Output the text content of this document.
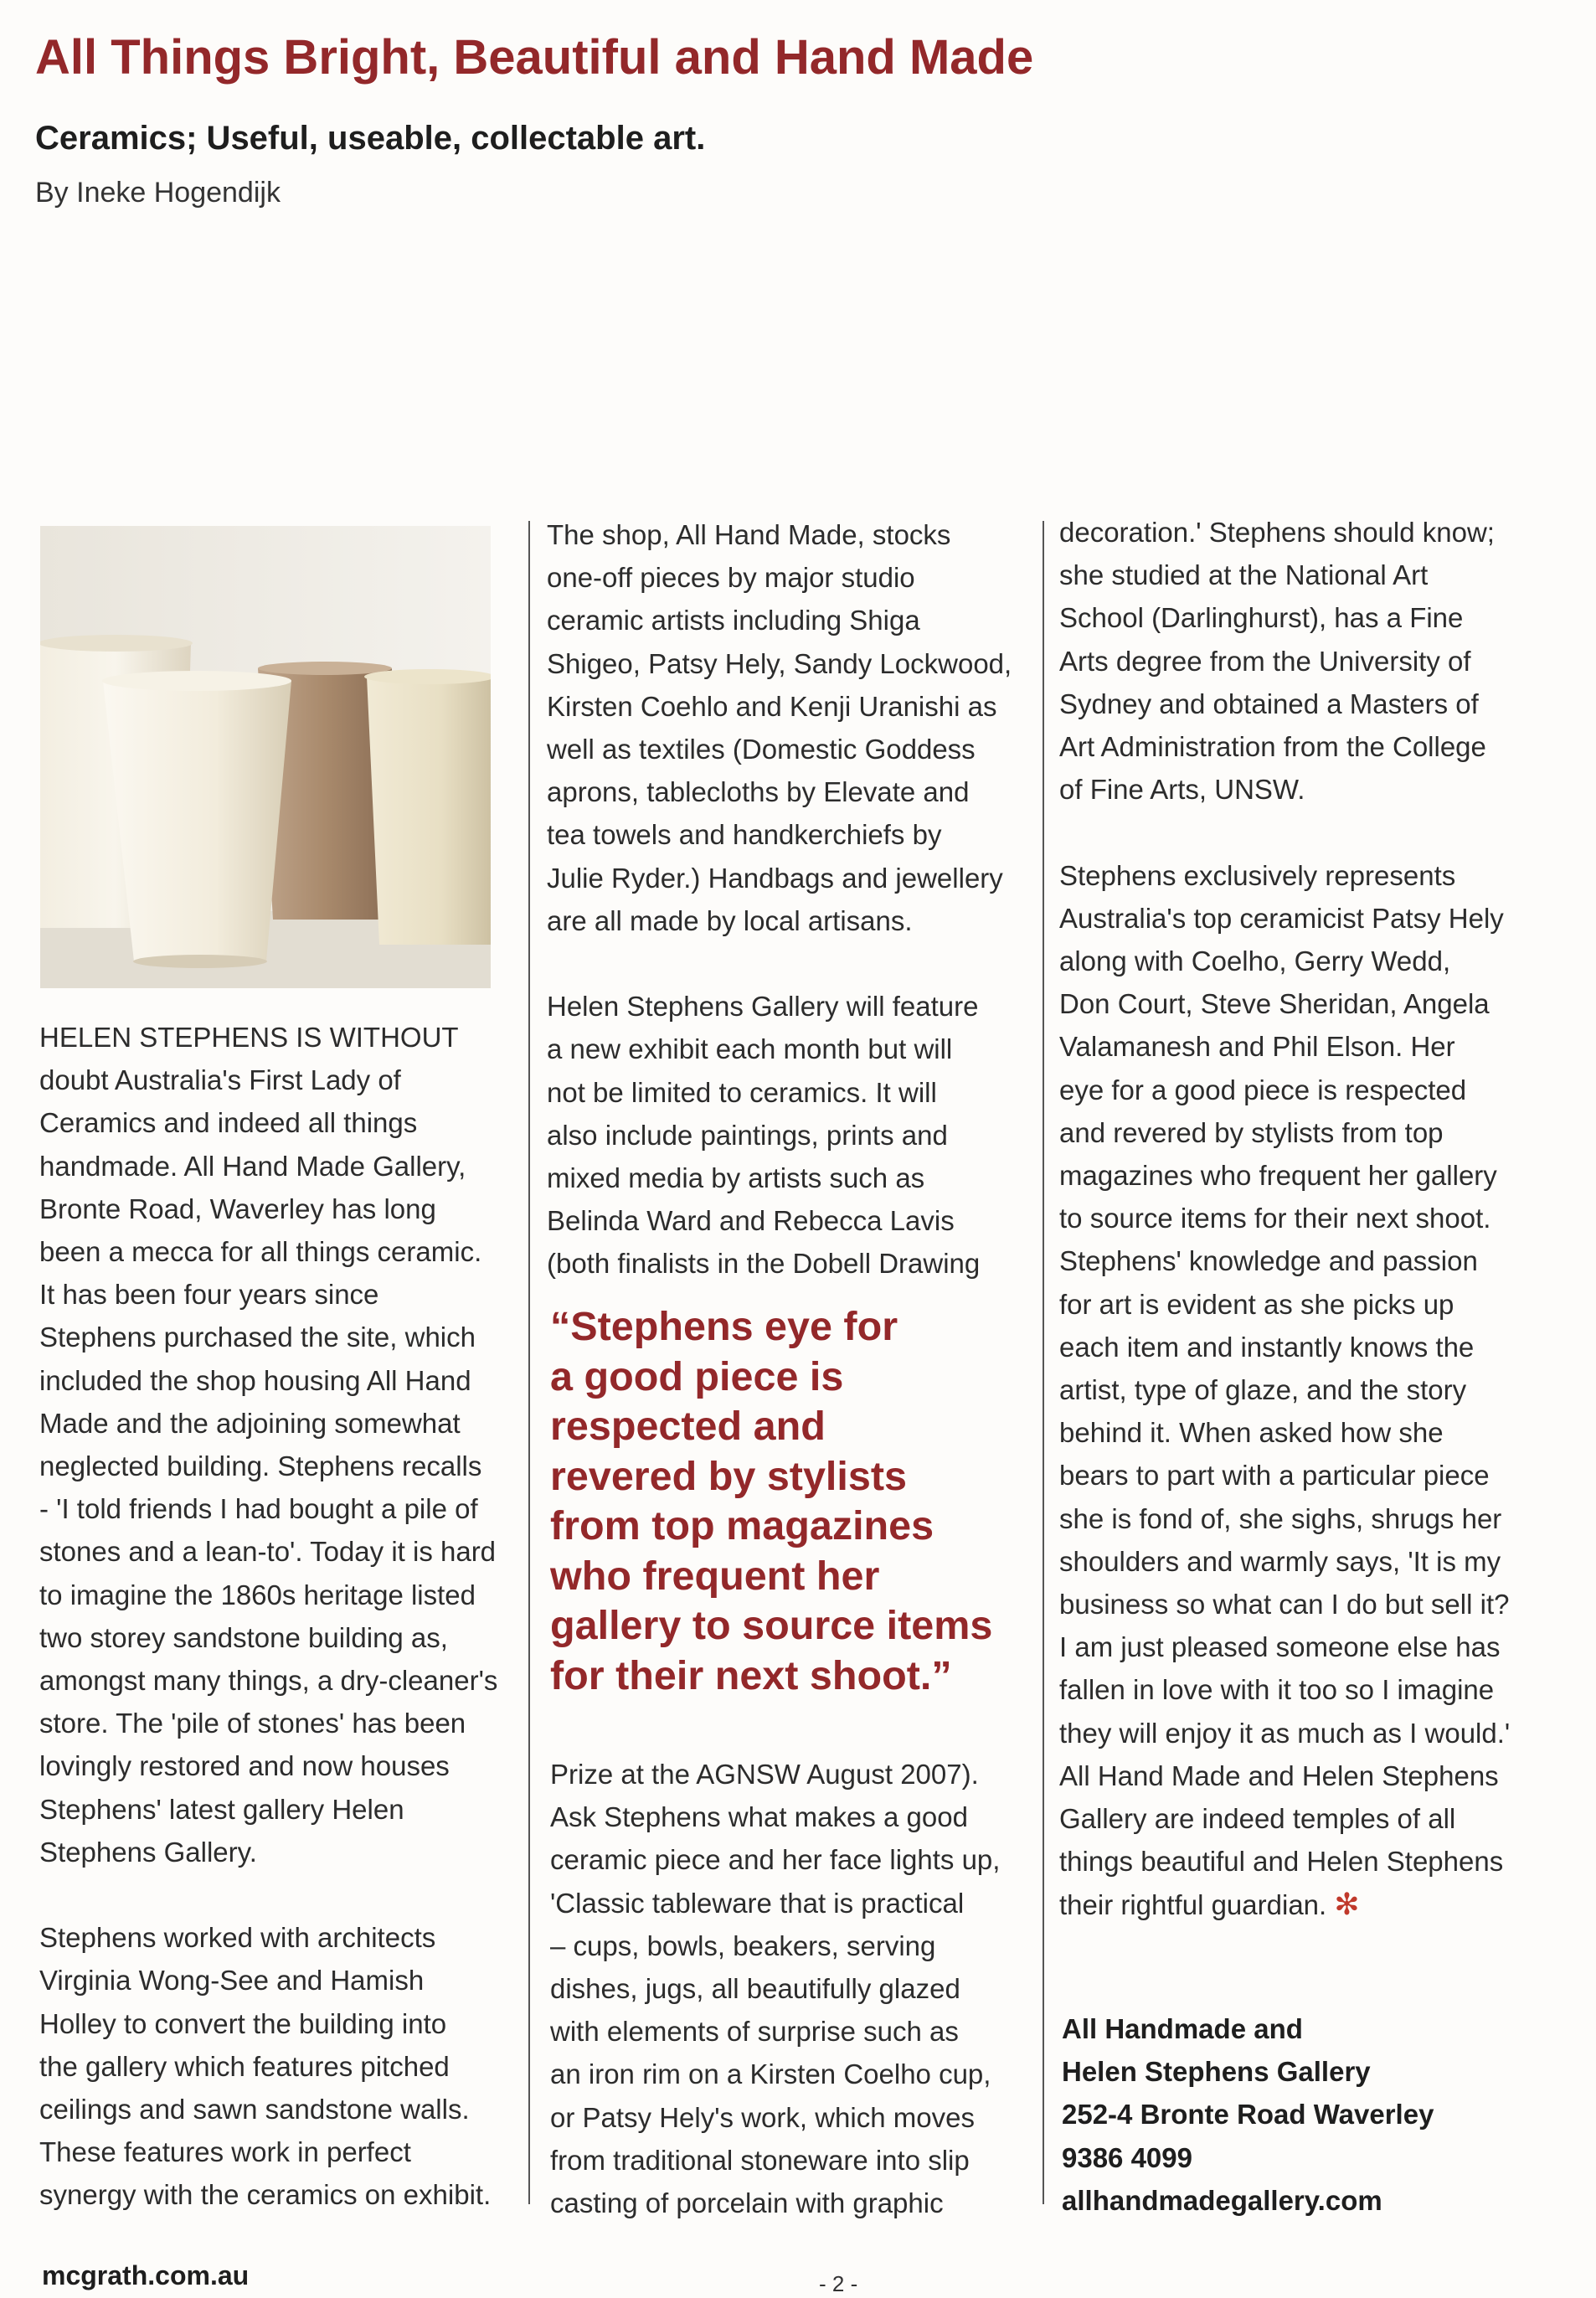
All Things Bright, Beautiful and Hand Made
Ceramics; Useful, useable, collectable art.

By Ineke Hogendijk

HELEN STEPHENS IS WITHOUT
doubt Australia's First Lady of
Ceramics and indeed all things
handmade. All Hand Made Gallery,
Bronte Road, Waverley has long
been a mecca for all things ceramic.
It has been four years since
Stephens purchased the site, which
included the shop housing All Hand
Made and the adjoining somewhat
neglected building. Stephens recalls
- 'I told friends I had bought a pile of
stones and a lean-to'. Today it is hard
to imagine the 1860s heritage listed
two storey sandstone building as,
amongst many things, a dry-cleaner's
store. The 'pile of stones' has been
lovingly restored and now houses
Stephens' latest gallery Helen
Stephens Gallery.

Stephens worked with architects
Virginia Wong-See and Hamish
Holley to convert the building into
the gallery which features pitched
ceilings and sawn sandstone walls.
These features work in perfect
synergy with the ceramics on exhibit.

The shop, All Hand Made, stocks
one-off pieces by major studio
ceramic artists including Shiga
Shigeo, Patsy Hely, Sandy Lockwood,
Kirsten Coehlo and Kenji Uranishi as
well as textiles (Domestic Goddess
aprons, tablecloths by Elevate and
tea towels and handkerchiefs by
Julie Ryder.) Handbags and jewellery
are all made by local artisans.

Helen Stephens Gallery will feature
a new exhibit each month but will
not be limited to ceramics. It will
also include paintings, prints and
mixed media by artists such as
Belinda Ward and Rebecca Lavis
(both finalists in the Dobell Drawing

“Stephens eye for
a good piece is
respected and
revered by stylists
from top magazines
who frequent her
gallery to source items
for their next shoot.”

Prize at the AGNSW August 2007).
Ask Stephens what makes a good
ceramic piece and her face lights up,
'Classic tableware that is practical
– cups, bowls, beakers, serving
dishes, jugs, all beautifully glazed
with elements of surprise such as
an iron rim on a Kirsten Coelho cup,
or Patsy Hely's work, which moves
from traditional stoneware into slip
casting of porcelain with graphic

decoration.' Stephens should know;
she studied at the National Art
School (Darlinghurst), has a Fine
Arts degree from the University of
Sydney and obtained a Masters of
Art Administration from the College
of Fine Arts, UNSW.

Stephens exclusively represents
Australia's top ceramicist Patsy Hely
along with Coelho, Gerry Wedd,
Don Court, Steve Sheridan, Angela
Valamanesh and Phil Elson. Her
eye for a good piece is respected
and revered by stylists from top
magazines who frequent her gallery
to source items for their next shoot.
Stephens' knowledge and passion
for art is evident as she picks up
each item and instantly knows the
artist, type of glaze, and the story
behind it. When asked how she
bears to part with a particular piece
she is fond of, she sighs, shrugs her
shoulders and warmly says, 'It is my
business so what can I do but sell it?
I am just pleased someone else has
fallen in love with it too so I imagine
they will enjoy it as much as I would.'
All Hand Made and Helen Stephens
Gallery are indeed temples of all
things beautiful and Helen Stephens
their rightful guardian. ✻

All Handmade and
Helen Stephens Gallery
252-4 Bronte Road Waverley
9386 4099
allhandmadegallery.com

mcgrath.com.au	- 2 -
